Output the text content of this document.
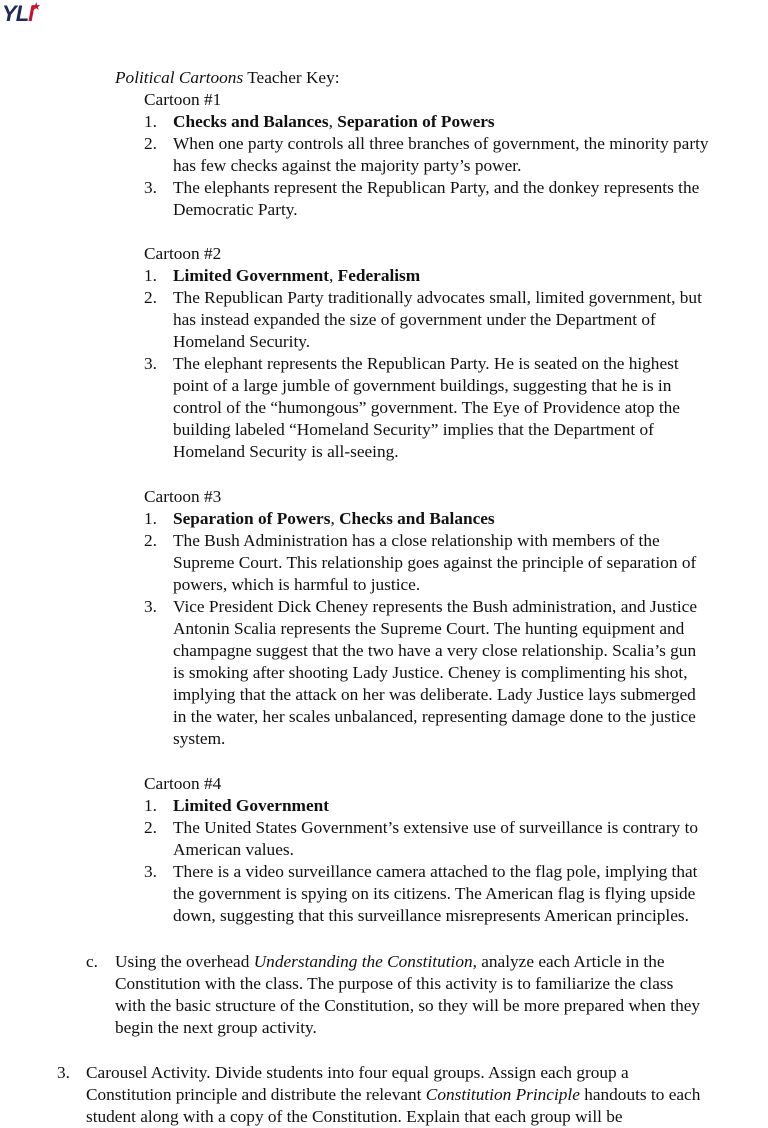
YLI
★
Political Cartoons Teacher Key:
Cartoon #1
1. Checks and Balances, Separation of Powers
2. When one party controls all three branches of government, the minority party
has few checks against the majority party’s power.
3. The elephants represent the Republican Party, and the donkey represents the
Democratic Party.
Cartoon #2
1. Limited Government, Federalism
2. The Republican Party traditionally advocates small, limited government, but
has instead expanded the size of government under the Department of
Homeland Security.
3. The elephant represents the Republican Party. He is seated on the highest
point of a large jumble of government buildings, suggesting that he is in
control of the “humongous” government. The Eye of Providence atop the
building labeled “Homeland Security” implies that the Department of
Homeland Security is all-seeing.
Cartoon #3
1. Separation of Powers, Checks and Balances
2. The Bush Administration has a close relationship with members of the
Supreme Court. This relationship goes against the principle of separation of
powers, which is harmful to justice.
3. Vice President Dick Cheney represents the Bush administration, and Justice
Antonin Scalia represents the Supreme Court. The hunting equipment and
champagne suggest that the two have a very close relationship. Scalia’s gun
is smoking after shooting Lady Justice. Cheney is complimenting his shot,
implying that the attack on her was deliberate. Lady Justice lays submerged
in the water, her scales unbalanced, representing damage done to the justice
system.
Cartoon #4
1. Limited Government
2. The United States Government’s extensive use of surveillance is contrary to
American values.
3. There is a video surveillance camera attached to the flag pole, implying that
the government is spying on its citizens. The American flag is flying upside
down, suggesting that this surveillance misrepresents American principles.
c. Using the overhead Understanding the Constitution, analyze each Article in the
Constitution with the class. The purpose of this activity is to familiarize the class
with the basic structure of the Constitution, so they will be more prepared when they
begin the next group activity.
3. Carousel Activity. Divide students into four equal groups. Assign each group a
Constitution principle and distribute the relevant Constitution Principle handouts to each
student along with a copy of the Constitution. Explain that each group will be
